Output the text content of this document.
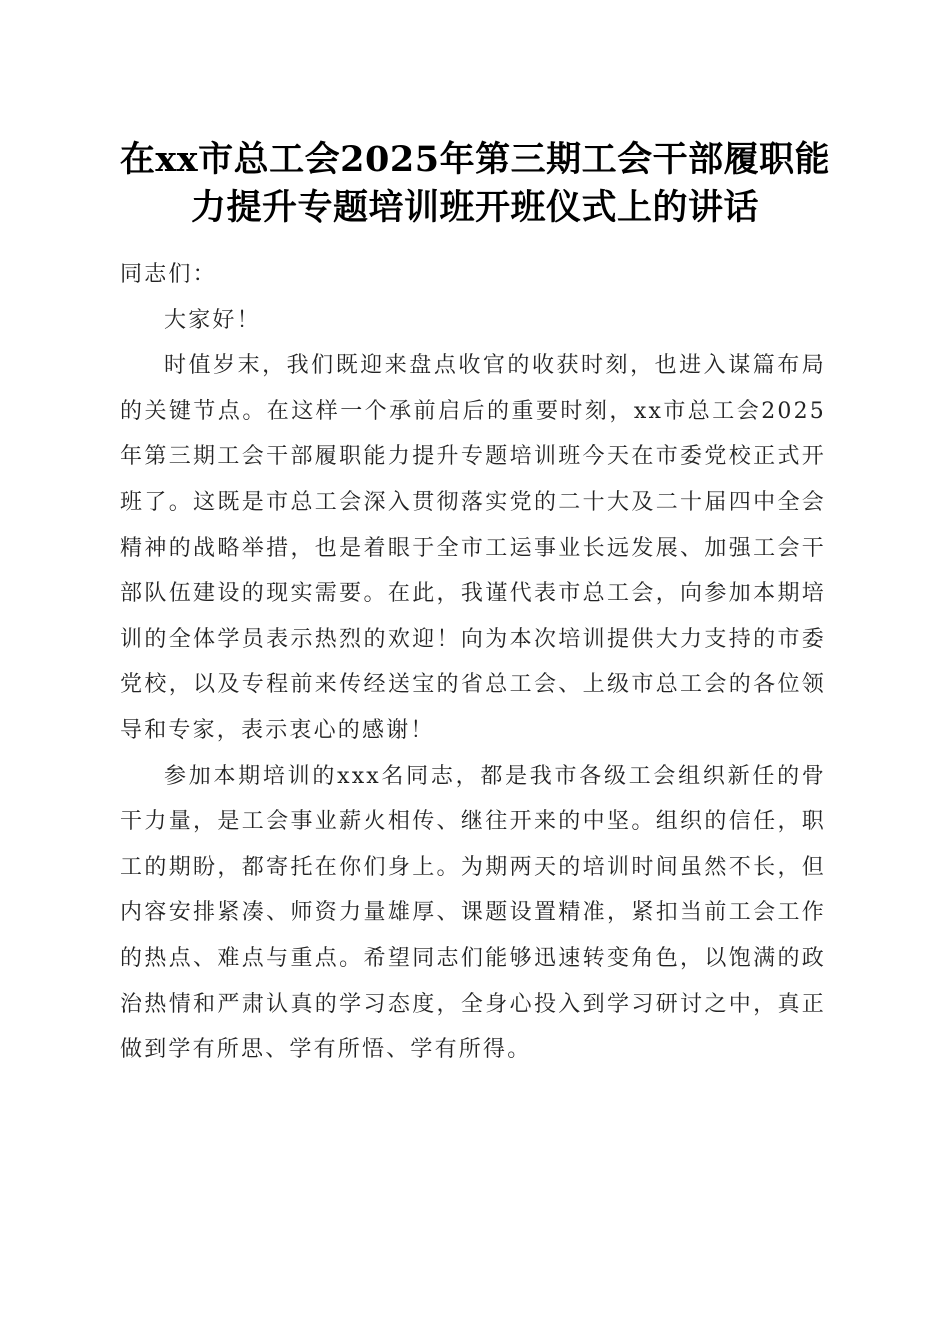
在xx市总工会2025年第三期工会干部履职能
力提升专题培训班开班仪式上的讲话

同志们：

大家好！

时值岁末，我们既迎来盘点收官的收获时刻，也进入谋篇布局的关键节点。在这样一个承前启后的重要时刻，xx市总工会2025年第三期工会干部履职能力提升专题培训班今天在市委党校正式开班了。这既是市总工会深入贯彻落实党的二十大及二十届四中全会精神的战略举措，也是着眼于全市工运事业长远发展、加强工会干部队伍建设的现实需要。在此，我谨代表市总工会，向参加本期培训的全体学员表示热烈的欢迎！向为本次培训提供大力支持的市委党校，以及专程前来传经送宝的省总工会、上级市总工会的各位领导和专家，表示衷心的感谢！

参加本期培训的xxx名同志，都是我市各级工会组织新任的骨干力量，是工会事业薪火相传、继往开来的中坚。组织的信任，职工的期盼，都寄托在你们身上。为期两天的培训时间虽然不长，但内容安排紧凑、师资力量雄厚、课题设置精准，紧扣当前工会工作的热点、难点与重点。希望同志们能够迅速转变角色，以饱满的政治热情和严肃认真的学习态度，全身心投入到学习研讨之中，真正做到学有所思、学有所悟、学有所得。
